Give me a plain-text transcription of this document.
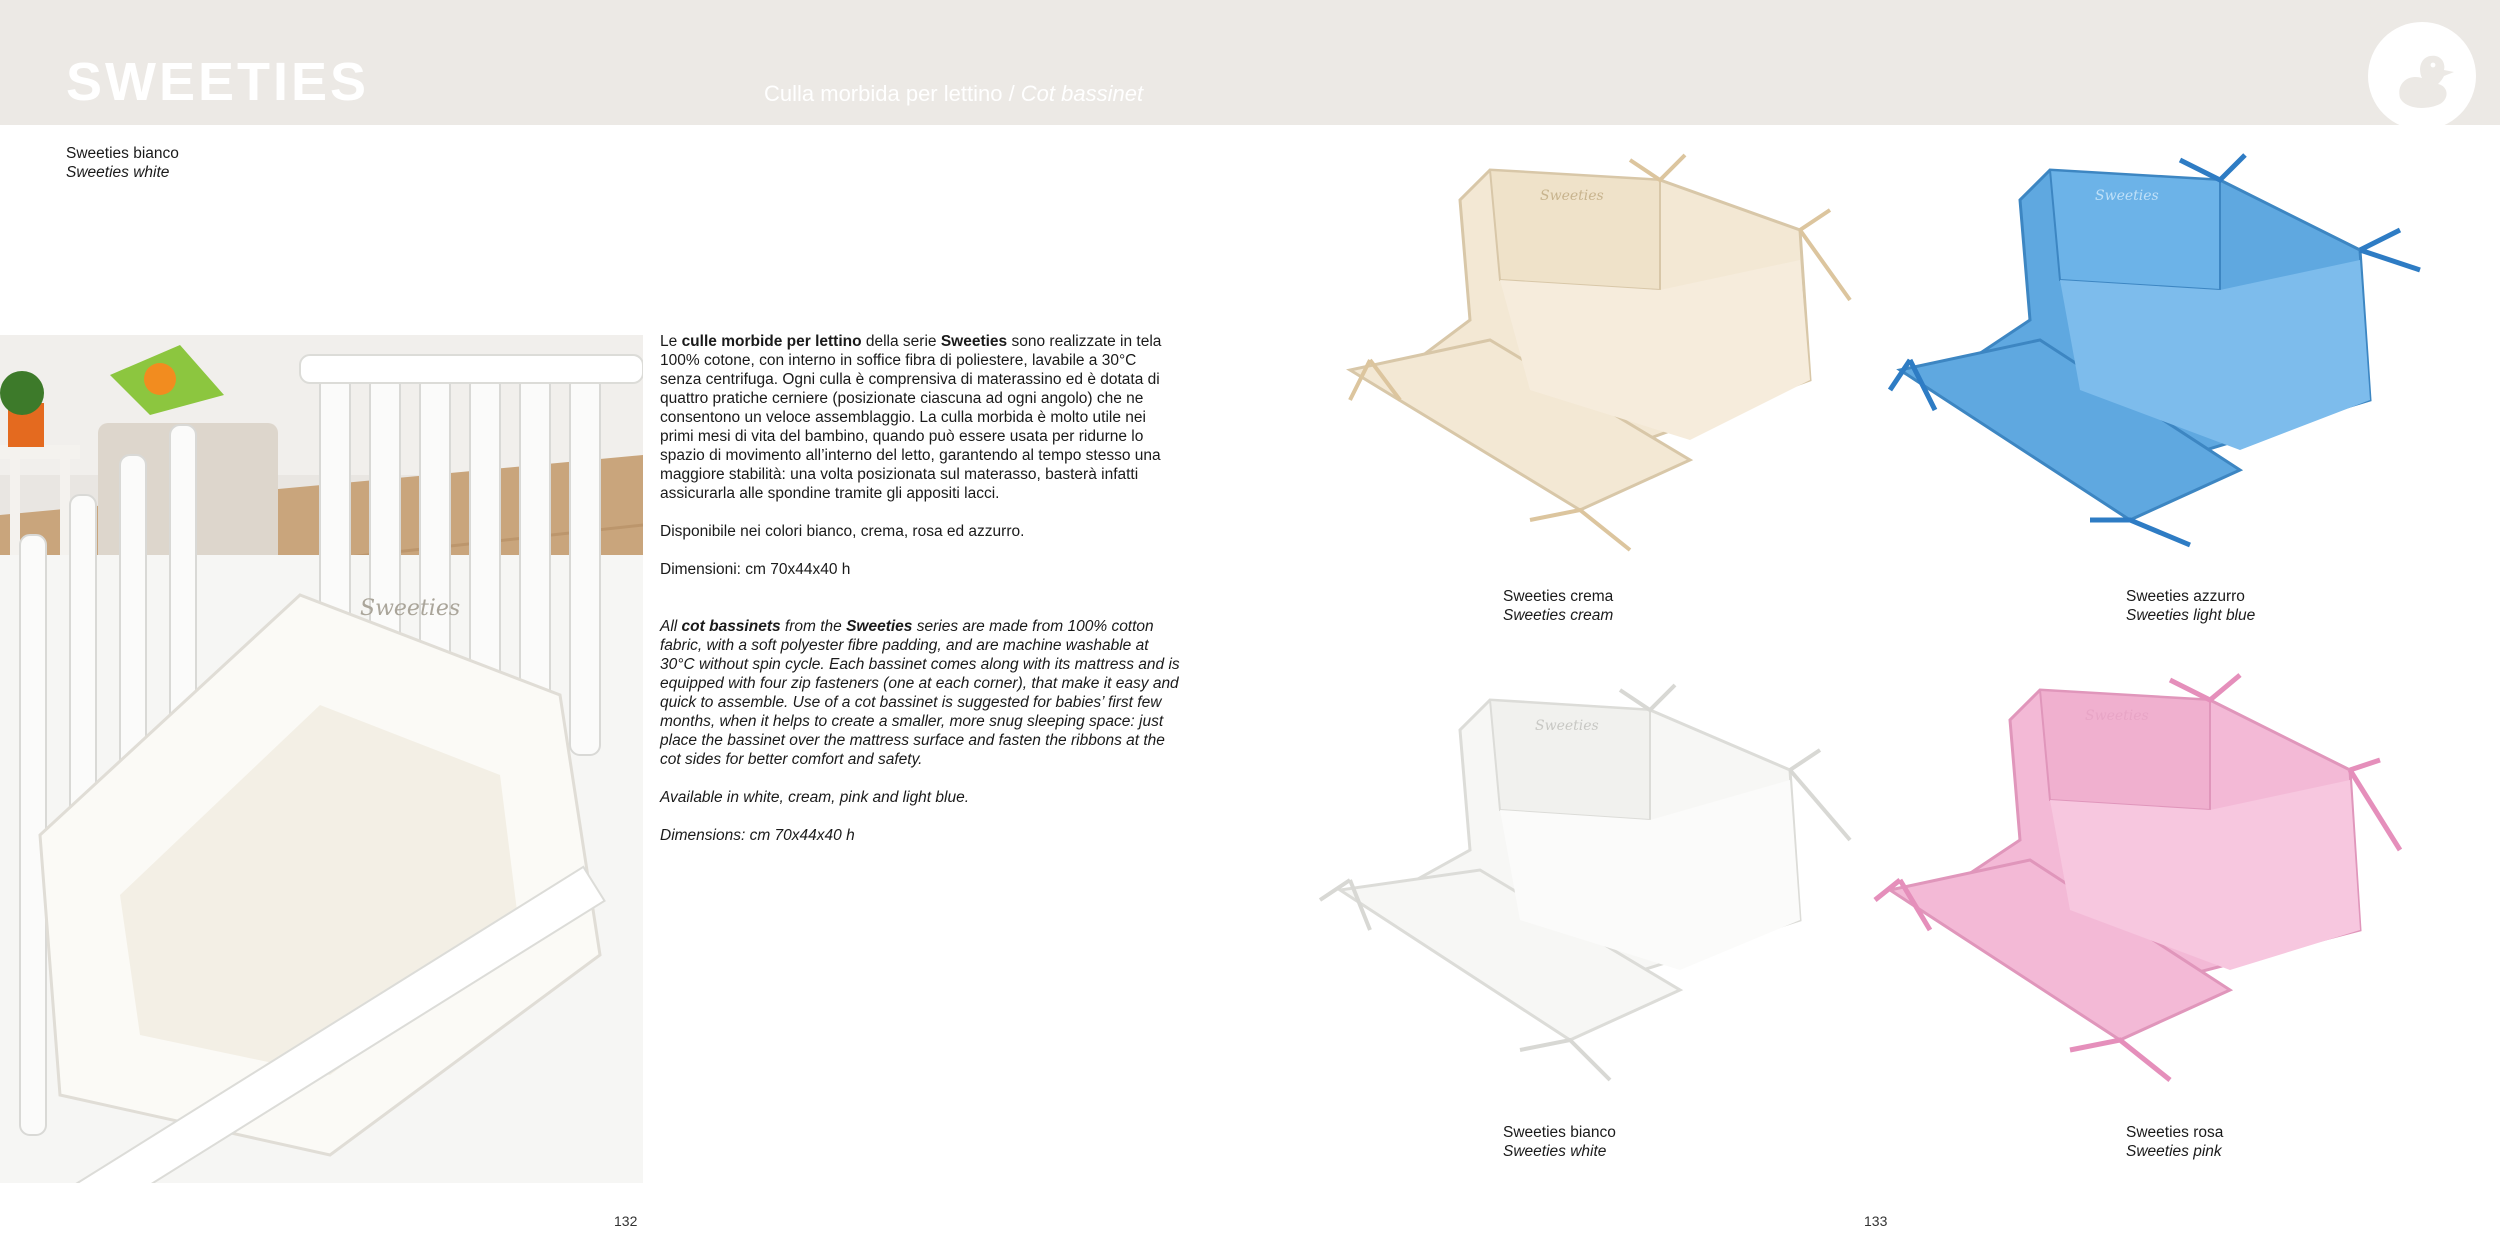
SWEETIES	Culla morbida per lettino / Cot bassinet
Sweeties bianco
Sweeties white
Sweeties

Le culle morbide per lettino della serie Sweeties sono realizzate in tela 100% cotone, con interno in soffice fibra di poliestere, lavabile a 30°C senza centrifuga. Ogni culla è comprensiva di materassino ed è dotata di quattro pratiche cerniere (posizionate ciascuna ad ogni angolo) che ne consentono un veloce assemblaggio. La culla morbida è molto utile nei primi mesi di vita del bambino, quando può essere usata per ridurne lo spazio di movimento all’interno del letto, garantendo al tempo stesso una maggiore stabilità: una volta posizionata sul materasso, basterà infatti assicurarla alle spondine tramite gli appositi lacci.

Disponibile nei colori bianco, crema, rosa ed azzurro.

Dimensioni: cm 70x44x40 h

All cot bassinets from the Sweeties series are made from 100% cotton fabric, with a soft polyester fibre padding, and are machine washable at 30°C without spin cycle. Each bassinet comes along with its mattress and is equipped with four zip fasteners (one at each corner), that make it easy and quick to assemble. Use of a cot bassinet is suggested for babies’ first few months, when it helps to create a smaller, more snug sleeping space: just place the bassinet over the mattress surface and fasten the ribbons at the cot sides for better comfort and safety.

Available in white, cream, pink and light blue.

Dimensions: cm 70x44x40 h

Sweeties	Sweeties
Sweeties
Sweeties
Sweeties crema
Sweeties cream
Sweeties azzurro
Sweeties light blue
Sweeties bianco
Sweeties white
Sweeties rosa
Sweeties pink
132	133
